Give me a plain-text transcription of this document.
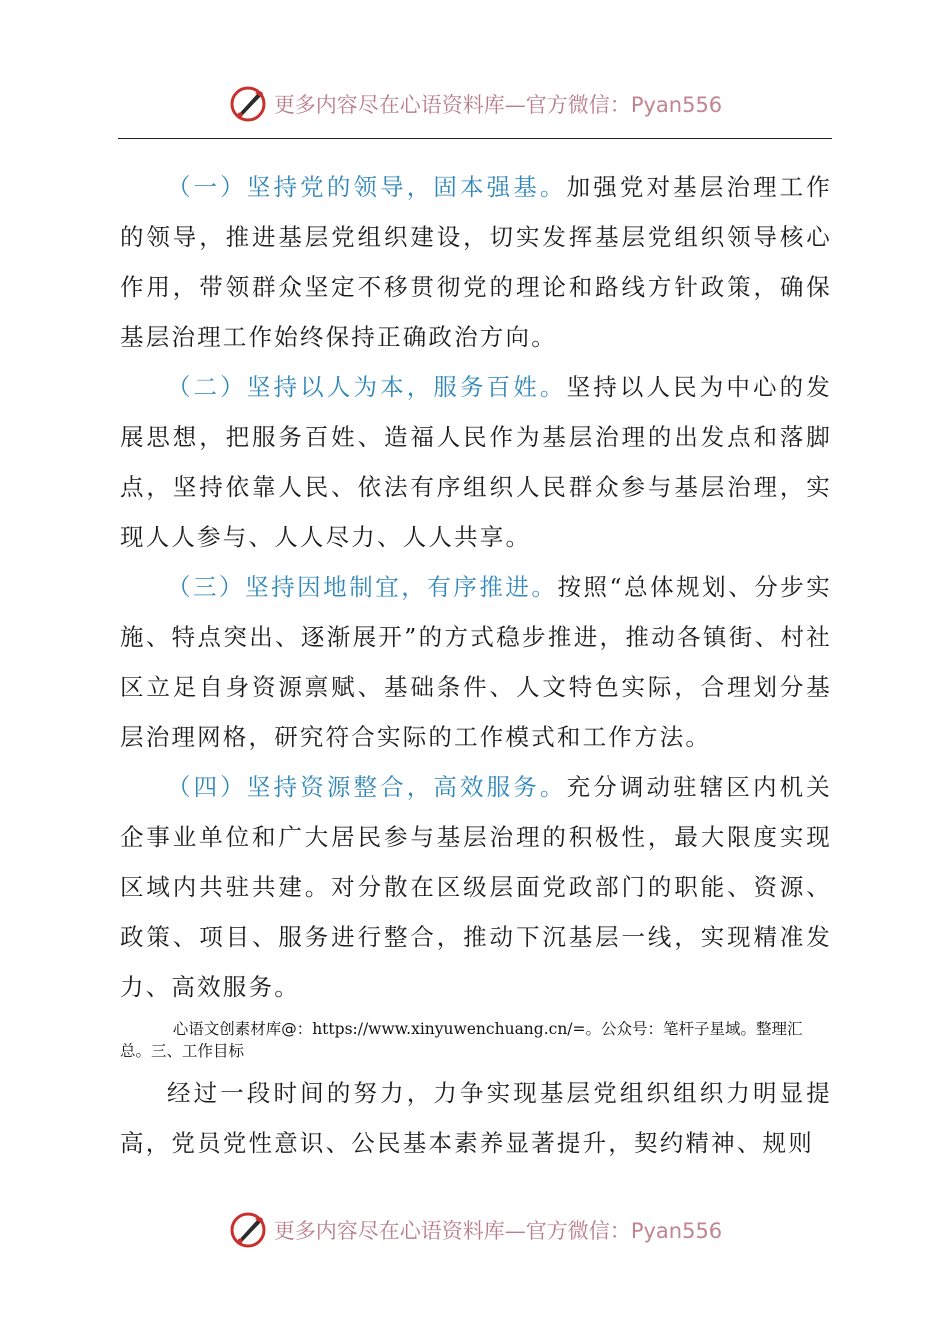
更多内容尽在心语资料库—官方微信：Pyan556

（一）坚持党的领导，固本强基。加强党对基层治理工作的领导，推进基层党组织建设，切实发挥基层党组织领导核心作用，带领群众坚定不移贯彻党的理论和路线方针政策，确保基层治理工作始终保持正确政治方向。

（二）坚持以人为本，服务百姓。坚持以人民为中心的发展思想，把服务百姓、造福人民作为基层治理的出发点和落脚点，坚持依靠人民、依法有序组织人民群众参与基层治理，实现人人参与、人人尽力、人人共享。

（三）坚持因地制宜，有序推进。按照“总体规划、分步实施、特点突出、逐渐展开”的方式稳步推进，推动各镇街、村社区立足自身资源禀赋、基础条件、人文特色实际，合理划分基层治理网格，研究符合实际的工作模式和工作方法。

（四）坚持资源整合，高效服务。充分调动驻辖区内机关企事业单位和广大居民参与基层治理的积极性，最大限度实现区域内共驻共建。对分散在区级层面党政部门的职能、资源、政策、项目、服务进行整合，推动下沉基层一线，实现精准发力、高效服务。

心语文创素材库@：https://www.xinyuwenchuang.cn/=。公众号：笔杆子星域。整理汇总。三、工作目标

经过一段时间的努力，力争实现基层党组织组织力明显提高，党员党性意识、公民基本素养显著提升，契约精神、规则

更多内容尽在心语资料库—官方微信：Pyan556
